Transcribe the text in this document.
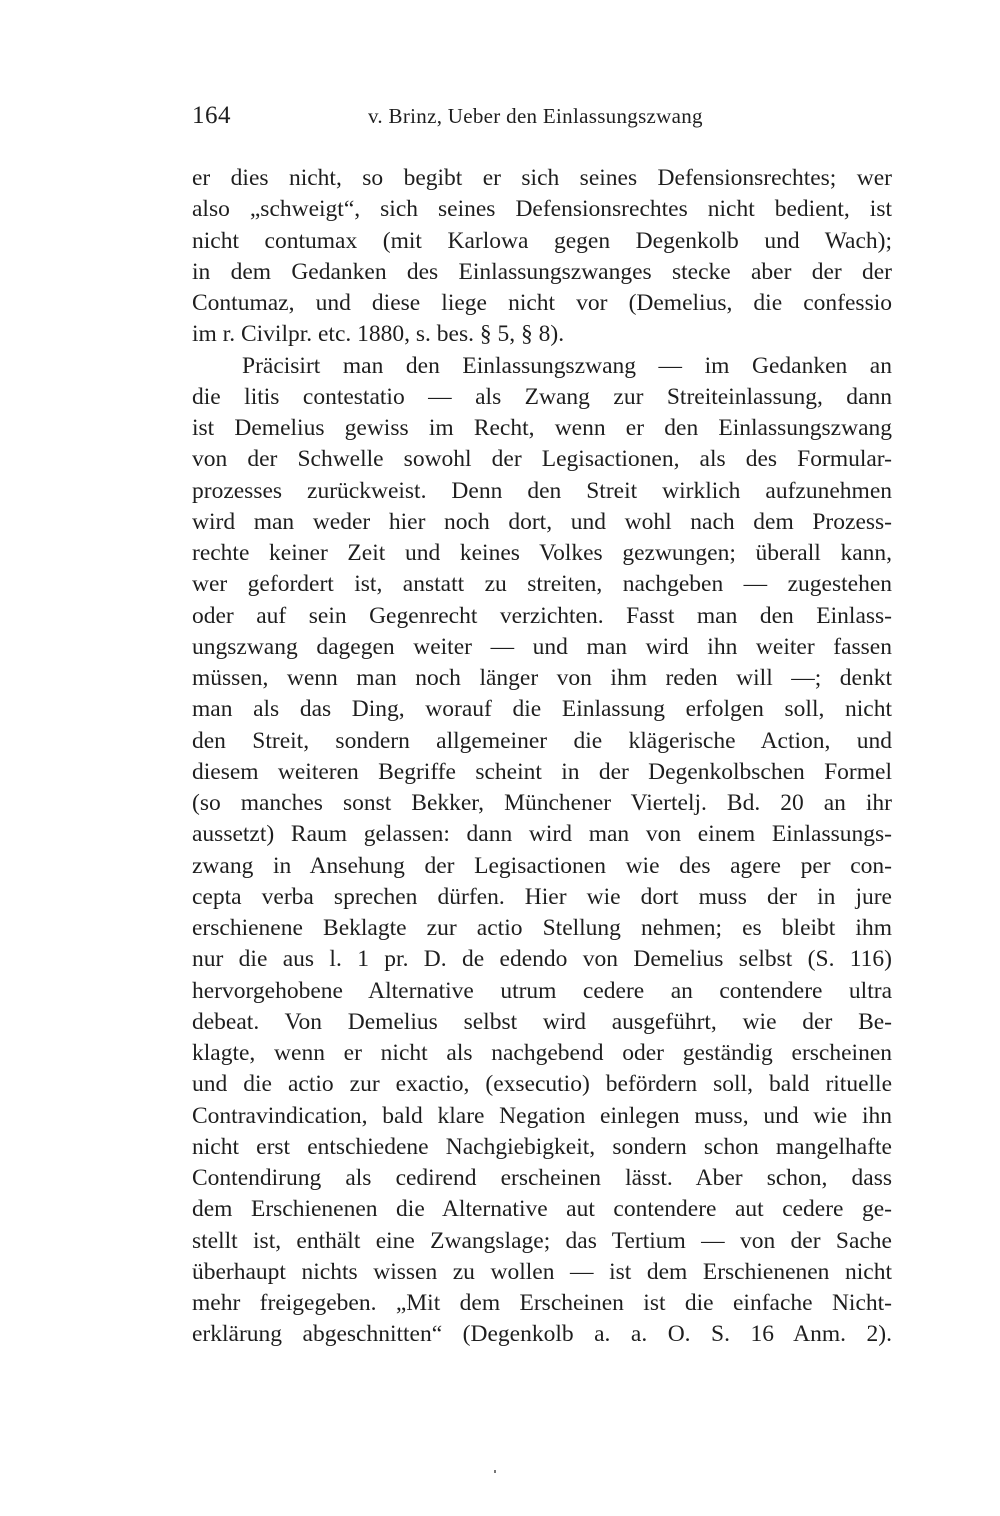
164	v. Brinz, Ueber den Einlassungszwang
er dies nicht, so begibt er sich seines Defensionsrechtes; wer
also „schweigt“, sich seines Defensionsrechtes nicht bedient, ist
nicht contumax (mit Karlowa gegen Degenkolb und Wach);
in dem Gedanken des Einlassungszwanges stecke aber der der
Contumaz, und diese liege nicht vor (Demelius, die confessio
im r. Civilpr. etc. 1880, s. bes. § 5, § 8).
Präcisirt man den Einlassungszwang — im Gedanken an
die litis contestatio — als Zwang zur Streiteinlassung, dann
ist Demelius gewiss im Recht, wenn er den Einlassungszwang
von der Schwelle sowohl der Legisactionen, als des Formular-
prozesses zurückweist. Denn den Streit wirklich aufzunehmen
wird man weder hier noch dort, und wohl nach dem Prozess-
rechte keiner Zeit und keines Volkes gezwungen; überall kann,
wer gefordert ist, anstatt zu streiten, nachgeben — zugestehen
oder auf sein Gegenrecht verzichten. Fasst man den Einlass-
ungszwang dagegen weiter — und man wird ihn weiter fassen
müssen, wenn man noch länger von ihm reden will —; denkt
man als das Ding, worauf die Einlassung erfolgen soll, nicht
den Streit, sondern allgemeiner die klägerische Action, und
diesem weiteren Begriffe scheint in der Degenkolbschen Formel
(so manches sonst Bekker, Münchener Viertelj. Bd. 20 an ihr
aussetzt) Raum gelassen: dann wird man von einem Einlassungs-
zwang in Ansehung der Legisactionen wie des agere per con-
cepta verba sprechen dürfen. Hier wie dort muss der in jure
erschienene Beklagte zur actio Stellung nehmen; es bleibt ihm
nur die aus l. 1 pr. D. de edendo von Demelius selbst (S. 116)
hervorgehobene Alternative utrum cedere an contendere ultra
debeat. Von Demelius selbst wird ausgeführt, wie der Be-
klagte, wenn er nicht als nachgebend oder geständig erscheinen
und die actio zur exactio, (exsecutio) befördern soll, bald rituelle
Contravindication, bald klare Negation einlegen muss, und wie ihn
nicht erst entschiedene Nachgiebigkeit, sondern schon mangelhafte
Contendirung als cedirend erscheinen lässt. Aber schon, dass
dem Erschienenen die Alternative aut contendere aut cedere ge-
stellt ist, enthält eine Zwangslage; das Tertium — von der Sache
überhaupt nichts wissen zu wollen — ist dem Erschienenen nicht
mehr freigegeben. „Mit dem Erscheinen ist die einfache Nicht-
erklärung abgeschnitten“ (Degenkolb a. a. O. S. 16 Anm. 2).
